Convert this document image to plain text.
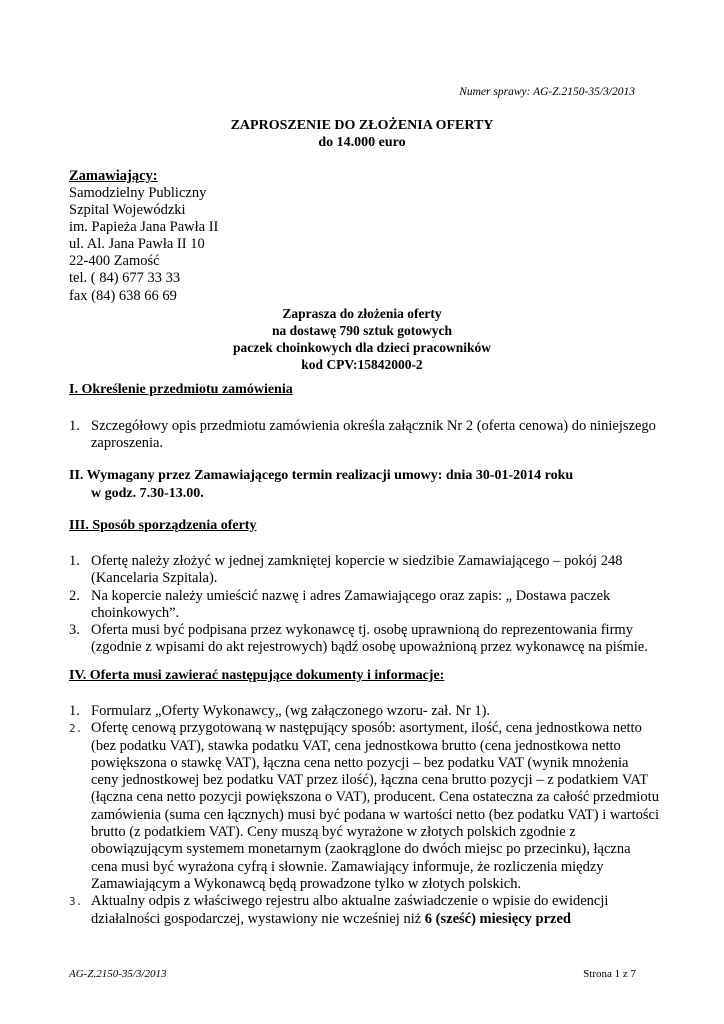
Numer sprawy: AG-Z.2150-35/3/2013
ZAPROSZENIE DO ZŁOŻENIA OFERTY
do 14.000 euro
Zamawiający:
Samodzielny Publiczny
Szpital Wojewódzki
im. Papieża Jana Pawła II
ul. Al. Jana Pawła II 10
22-400 Zamość
tel. ( 84) 677 33 33
fax (84) 638 66 69
Zaprasza do złożenia oferty
na dostawę 790 sztuk gotowych
paczek choinkowych dla dzieci pracowników
kod CPV:15842000-2
I. Określenie przedmiotu zamówienia
1. Szczegółowy opis przedmiotu zamówienia określa załącznik Nr 2 (oferta cenowa) do niniejszego zaproszenia.
II. Wymagany przez Zamawiającego termin realizacji umowy: dnia 30-01-2014 roku
w godz. 7.30-13.00.
III. Sposób sporządzenia oferty
1. Ofertę należy złożyć w jednej zamkniętej kopercie w siedzibie Zamawiającego – pokój 248 (Kancelaria Szpitala).
2. Na kopercie należy umieścić nazwę i adres Zamawiającego oraz zapis: „ Dostawa paczek choinkowych”.
3. Oferta musi być podpisana przez wykonawcę tj. osobę uprawnioną do reprezentowania firmy (zgodnie z wpisami do akt rejestrowych) bądź osobę upoważnioną przez wykonawcę na piśmie.
IV. Oferta musi zawierać następujące dokumenty i informacje:
1. Formularz „Oferty Wykonawcy„ (wg załączonego wzoru- zał. Nr 1).
2. Ofertę cenową przygotowaną w następujący sposób: asortyment, ilość, cena jednostkowa netto (bez podatku VAT), stawka podatku VAT, cena jednostkowa brutto (cena jednostkowa netto powiększona o stawkę VAT), łączna cena netto pozycji – bez podatku VAT (wynik mnożenia ceny jednostkowej bez podatku VAT przez ilość), łączna cena brutto pozycji – z podatkiem VAT (łączna cena netto pozycji powiększona o VAT), producent. Cena ostateczna za całość przedmiotu zamówienia (suma cen łącznych) musi być podana w wartości netto (bez podatku VAT) i wartości brutto (z podatkiem VAT). Ceny muszą być wyrażone w złotych polskich zgodnie z obowiązującym systemem monetarnym (zaokrąglone do dwóch miejsc po przecinku), łączna cena musi być wyrażona cyfrą i słownie. Zamawiający informuje, że rozliczenia między Zamawiającym a Wykonawcą będą prowadzone tylko w złotych polskich.
3. Aktualny odpis z właściwego rejestru albo aktualne zaświadczenie o wpisie do ewidencji działalności gospodarczej, wystawiony nie wcześniej niż 6 (sześć) miesięcy przed
AG-Z.2150-35/3/2013	Strona 1 z 7
